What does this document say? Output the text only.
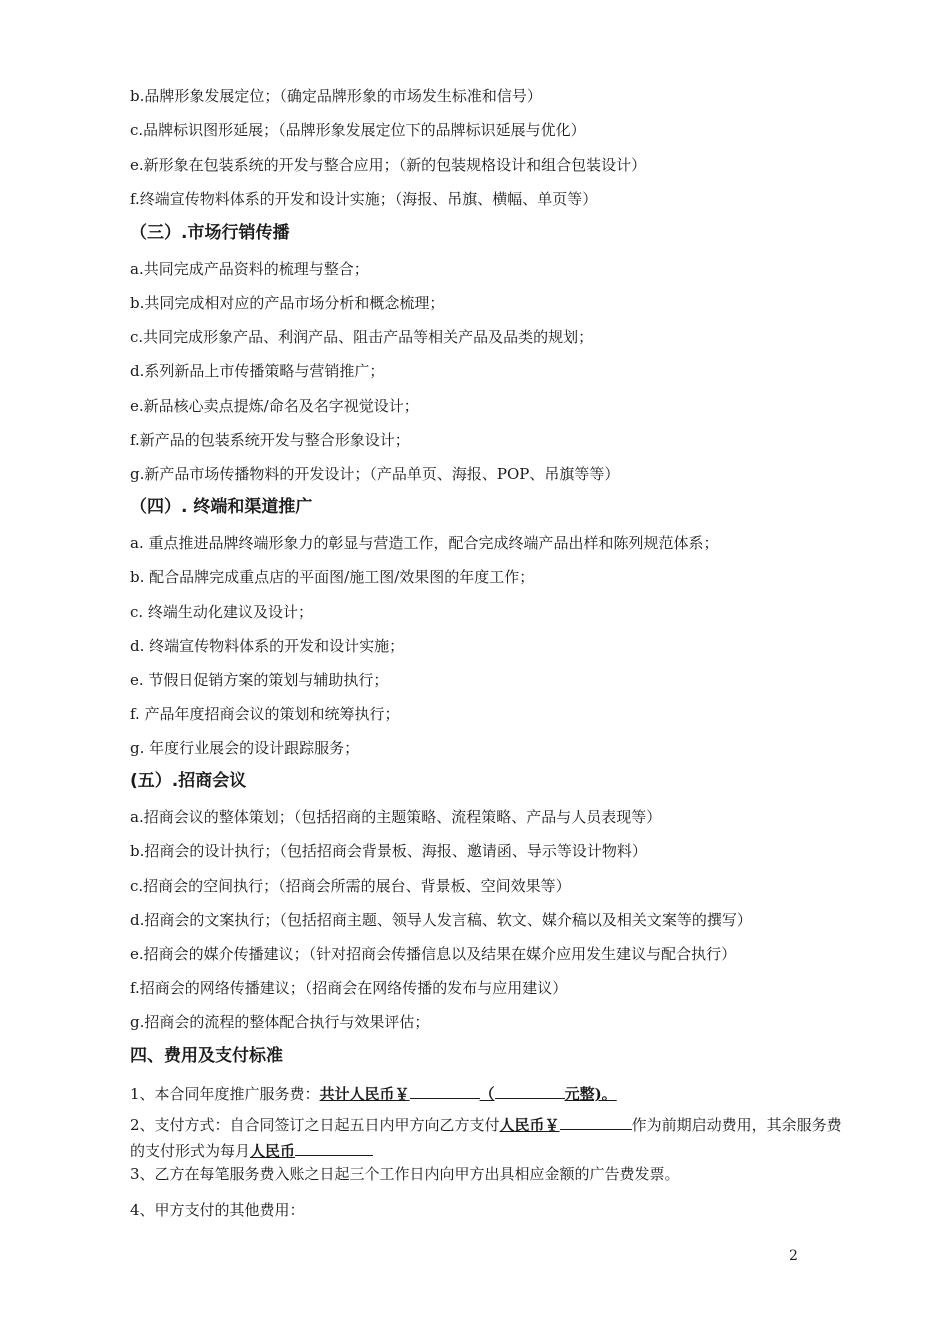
b.品牌形象发展定位；（确定品牌形象的市场发生标准和信号）
c.品牌标识图形延展；（品牌形象发展定位下的品牌标识延展与优化）
e.新形象在包装系统的开发与整合应用；（新的包装规格设计和组合包装设计）
f.终端宣传物料体系的开发和设计实施；（海报、吊旗、横幅、单页等）
（三）.市场行销传播
a.共同完成产品资料的梳理与整合；
b.共同完成相对应的产品市场分析和概念梳理；
c.共同完成形象产品、利润产品、阻击产品等相关产品及品类的规划；
d.系列新品上市传播策略与营销推广；
e.新品核心卖点提炼/命名及名字视觉设计；
f.新产品的包装系统开发与整合形象设计；
g.新产品市场传播物料的开发设计；（产品单页、海报、POP、吊旗等等）
（四）. 终端和渠道推广
a. 重点推进品牌终端形象力的彰显与营造工作，配合完成终端产品出样和陈列规范体系；
b. 配合品牌完成重点店的平面图/施工图/效果图的年度工作；
c. 终端生动化建议及设计；
d. 终端宣传物料体系的开发和设计实施；
e. 节假日促销方案的策划与辅助执行；
f. 产品年度招商会议的策划和统筹执行；
g. 年度行业展会的设计跟踪服务；
(五）.招商会议
a.招商会议的整体策划；（包括招商的主题策略、流程策略、产品与人员表现等）
b.招商会的设计执行；（包括招商会背景板、海报、邀请函、导示等设计物料）
c.招商会的空间执行；（招商会所需的展台、背景板、空间效果等）
d.招商会的文案执行；（包括招商主题、领导人发言稿、软文、媒介稿以及相关文案等的撰写）
e.招商会的媒介传播建议；（针对招商会传播信息以及结果在媒介应用发生建议与配合执行）
f.招商会的网络传播建议；（招商会在网络传播的发布与应用建议）
g.招商会的流程的整体配合执行与效果评估；
四、费用及支付标准
1、本合同年度推广服务费：共计人民币￥	（	元整)。
2、支付方式：自合同签订之日起五日内甲方向乙方支付人民币￥	作为前期启动费用，其余服务费的支付形式为每月人民币
3、乙方在每笔服务费入账之日起三个工作日内向甲方出具相应金额的广告费发票。
4、甲方支付的其他费用：
2
